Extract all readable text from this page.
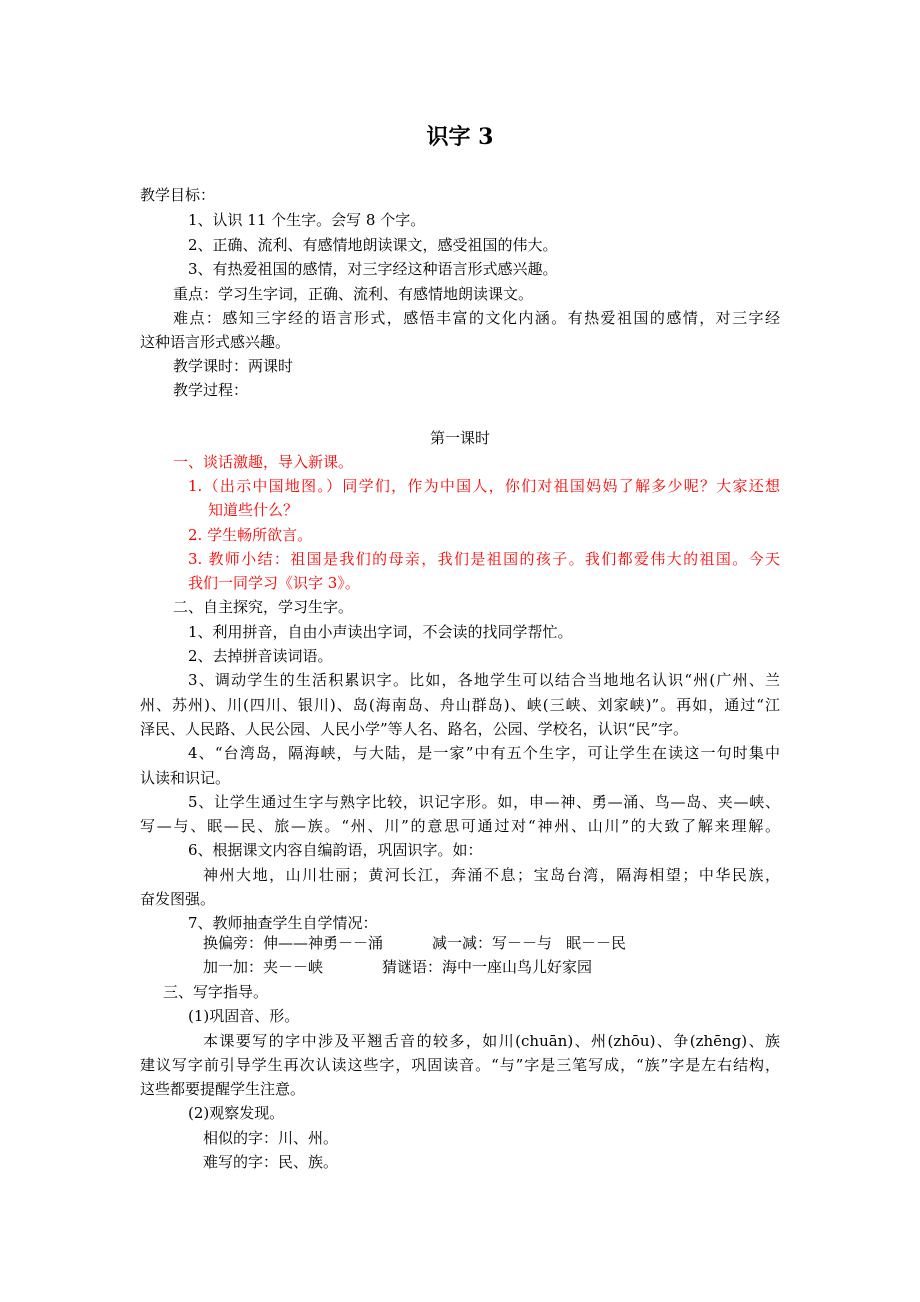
识字 3
教学目标：
1、认识 11 个生字。会写 8 个字。
2、正确、流利、有感情地朗读课文，感受祖国的伟大。
3、有热爱祖国的感情，对三字经这种语言形式感兴趣。
重点：学习生字词，正确、流利、有感情地朗读课文。
难点：感知三字经的语言形式，感悟丰富的文化内涵。有热爱祖国的感情，对三字经
这种语言形式感兴趣。
教学课时：两课时
教学过程：
第一课时
一、谈话激趣，导入新课。
1.（出示中国地图。）同学们，作为中国人，你们对祖国妈妈了解多少呢？大家还想
知道些什么？
2. 学生畅所欲言。
3. 教师小结：祖国是我们的母亲，我们是祖国的孩子。我们都爱伟大的祖国。今天
我们一同学习《识字 3》。
二、自主探究，学习生字。
1、利用拼音，自由小声读出字词，不会读的找同学帮忙。
2、去掉拼音读词语。
3、调动学生的生活积累识字。比如，各地学生可以结合当地地名认识“州(广州、兰
州、苏州)、川(四川、银川)、岛(海南岛、舟山群岛)、峡(三峡、刘家峡)”。再如，通过“江
泽民、人民路、人民公园、人民小学”等人名、路名，公园、学校名，认识“民”字。
4、“台湾岛，隔海峡，与大陆，是一家”中有五个生字，可让学生在读这一句时集中
认读和识记。
5、让学生通过生字与熟字比较，识记字形。如，申—神、勇—涌、鸟—岛、夹—峡、
写—与、眠—民、旅—族。“州、川”的意思可通过对“神州、山川”的大致了解来理解。
6、根据课文内容自编韵语，巩固识字。如：
神州大地，山川壮丽；黄河长江，奔涌不息；宝岛台湾，隔海相望；中华民族，
奋发图强。
7、教师抽查学生自学情况：
换偏旁：伸——神勇－－涌	减一减：写－－与 眠－－民
加一加：夹－－峡	猜谜语：海中一座山鸟儿好家园
三、写字指导。
(1)巩固音、形。
本课要写的字中涉及平翘舌音的较多，如川(chuān)、州(zhōu)、争(zhēng)、族
建议写字前引导学生再次认读这些字，巩固读音。“与”字是三笔写成，“族”字是左右结构，
这些都要提醒学生注意。
(2)观察发现。
相似的字：川、州。
难写的字：民、族。
